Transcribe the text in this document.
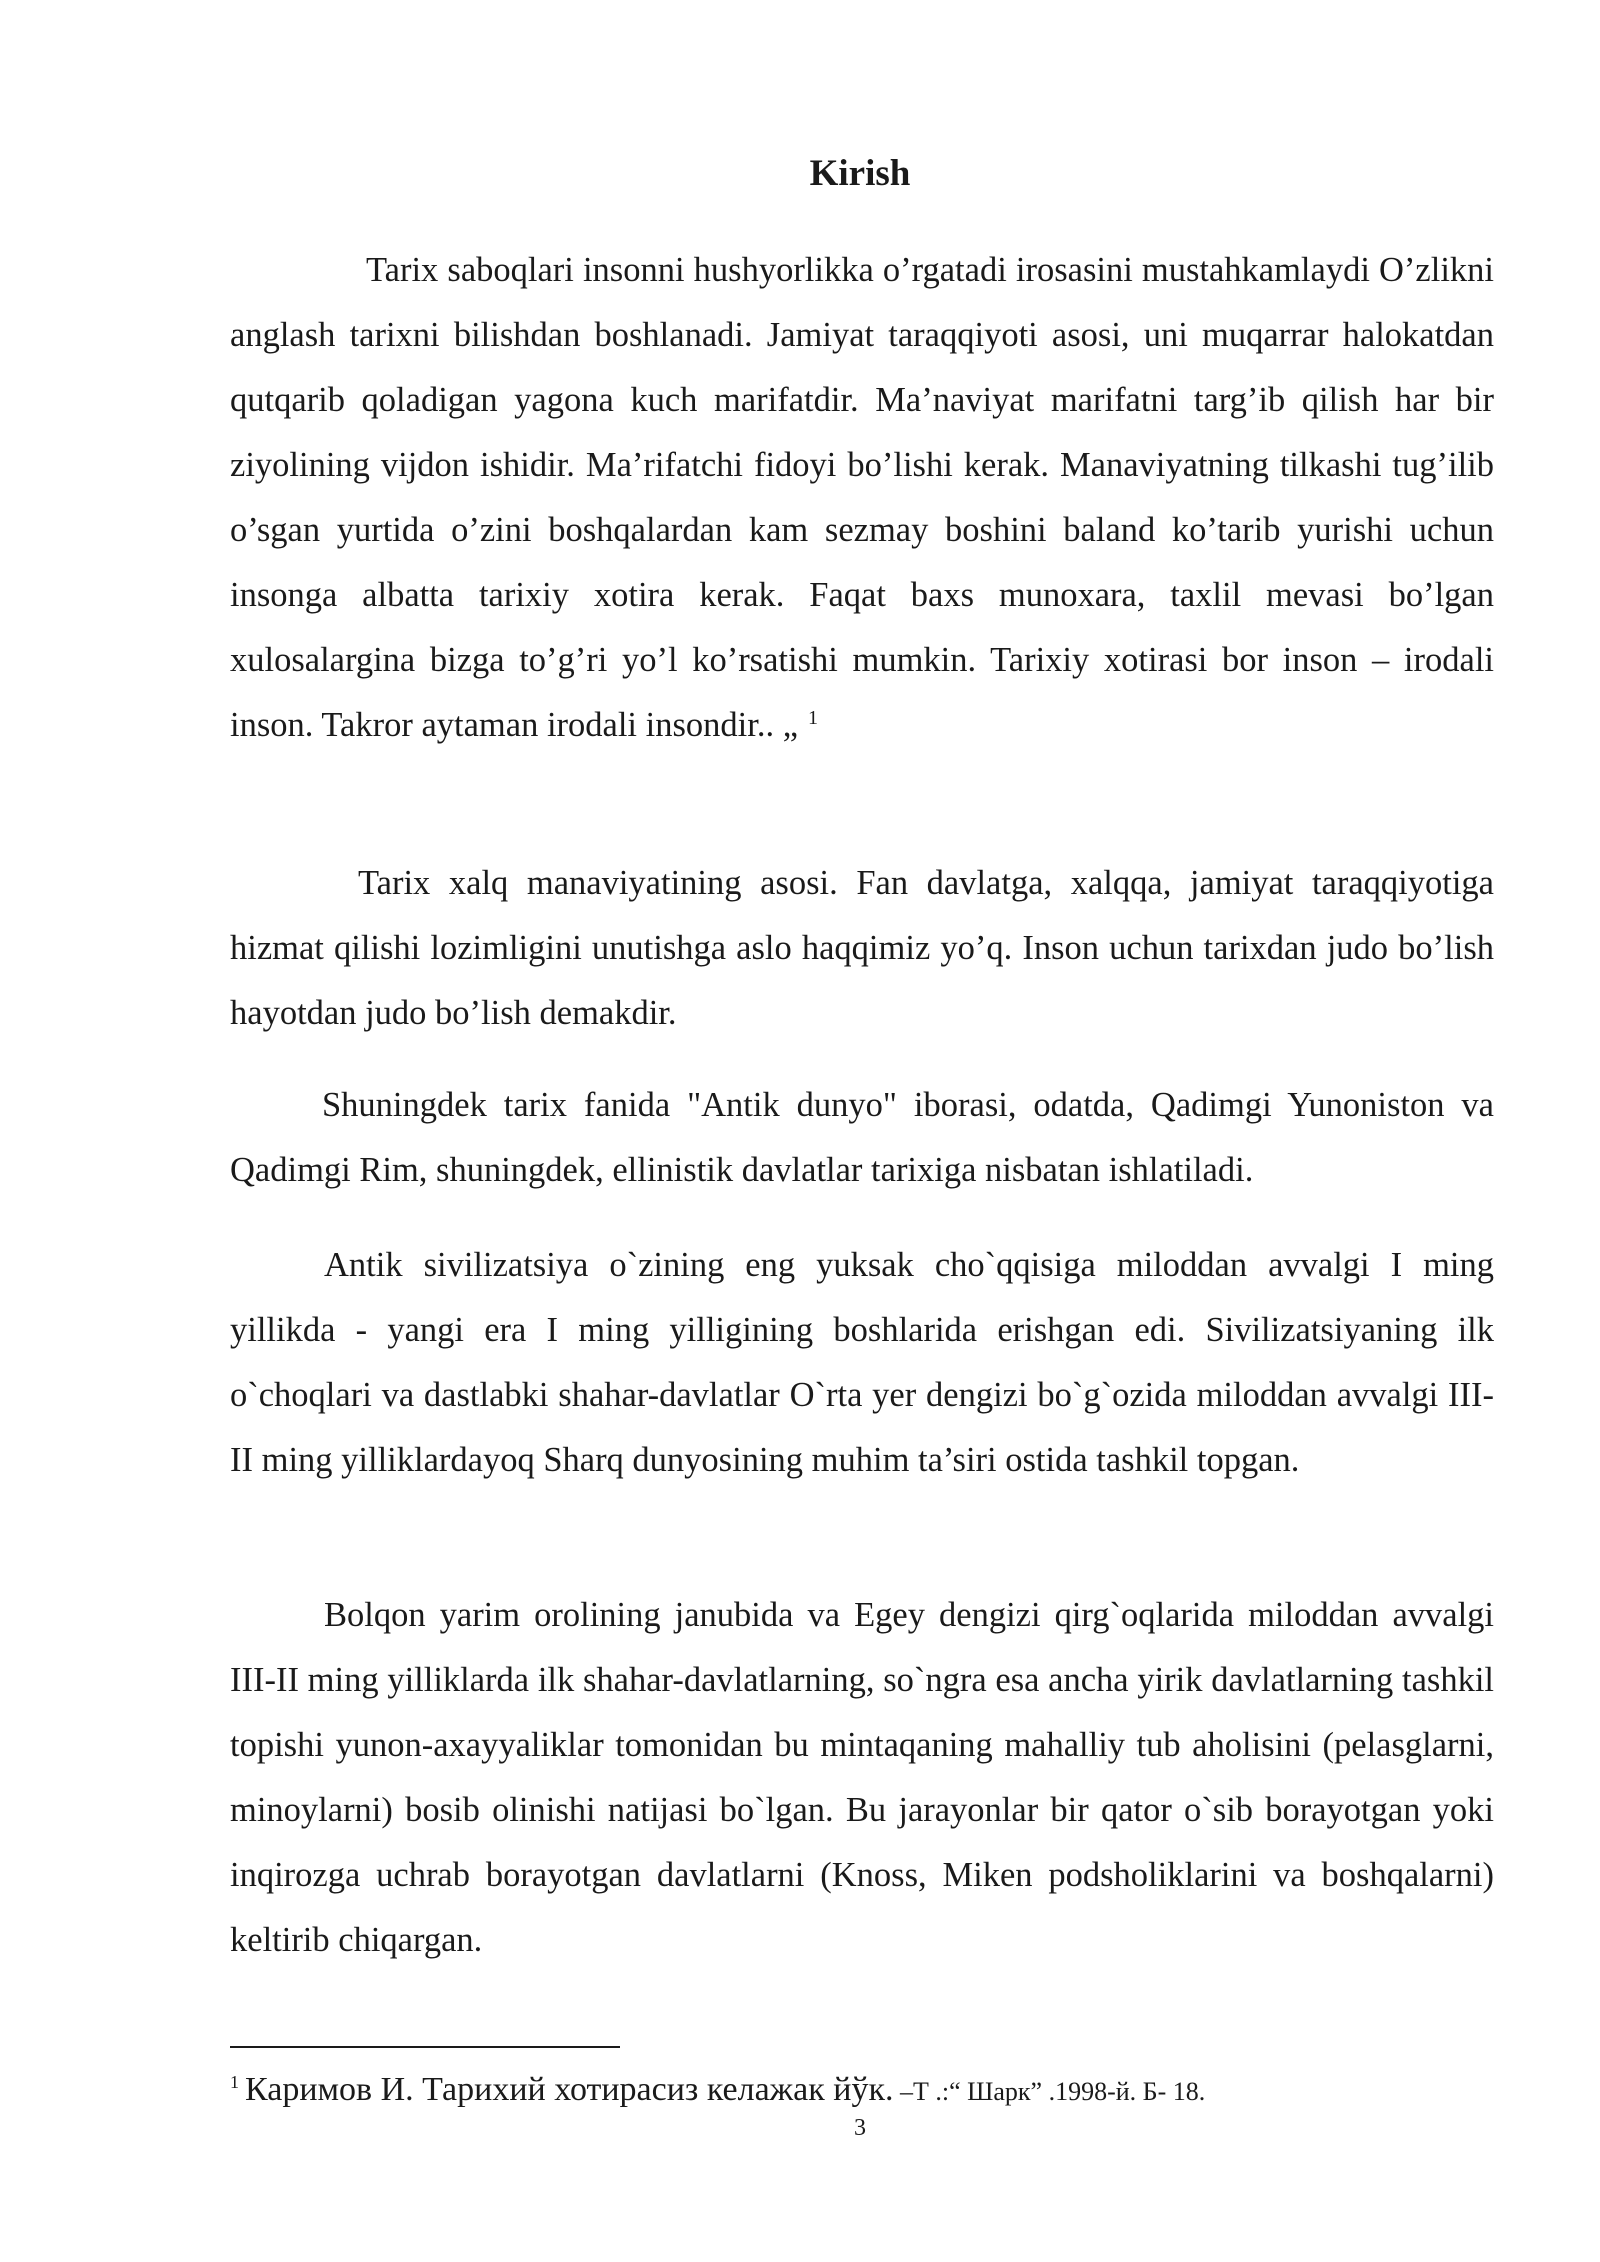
Kirish

Tarix saboqlari insonni hushyorlikka o’rgatadi irosasini mustahkamlaydi O’zlikni anglash tarixni bilishdan boshlanadi. Jamiyat taraqqiyoti asosi, uni muqarrar halokatdan qutqarib qoladigan yagona kuch marifatdir. Ma’naviyat marifatni targ’ib qilish har bir ziyolining vijdon ishidir. Ma’rifatchi fidoyi bo’lishi kerak. Manaviyatning tilkashi tug’ilib o’sgan yurtida o’zini boshqalardan kam sezmay boshini baland ko’tarib yurishi uchun insonga albatta tarixiy xotira kerak. Faqat baxs munoxara, taxlil mevasi bo’lgan xulosalargina bizga to’g’ri yo’l ko’rsatishi mumkin. Tarixiy xotirasi bor inson – irodali inson. Takror aytaman irodali insondir.. „ $^1$

Tarix xalq manaviyatining asosi. Fan davlatga, xalqqa, jamiyat taraqqiyotiga hizmat qilishi lozimligini unutishga aslo haqqimiz yo’q. Inson uchun tarixdan judo bo’lish hayotdan judo bo’lish demakdir.

Shuningdek tarix fanida "Antik dunyo" iborasi, odatda, Qadimgi Yunoniston va Qadimgi Rim, shuningdek, ellinistik davlatlar tarixiga nisbatan ishlatiladi.

Antik sivilizatsiya o`zining eng yuksak cho`qqisiga miloddan avvalgi I ming yillikda - yangi era I ming yilligining boshlarida erishgan edi. Sivilizatsiyaning ilk o`choqlari va dastlabki shahar-davlatlar O`rta yer dengizi bo`g`ozida miloddan avvalgi III-II ming yilliklardayoq Sharq dunyosining muhim ta’siri ostida tashkil topgan.

Bolqon yarim orolining janubida va Egey dengizi qirg`oqlarida miloddan avvalgi III-II ming yilliklarda ilk shahar-davlatlarning, so`ngra esa ancha yirik davlatlarning tashkil topishi yunon-axayyaliklar tomonidan bu mintaqaning mahalliy tub aholisini (pelasglarni, minoylarni) bosib olinishi natijasi bo`lgan. Bu jarayonlar bir qator o`sib borayotgan yoki inqirozga uchrab borayotgan davlatlarni (Knoss, Miken podsholiklarini va boshqalarni) keltirib chiqargan.

$^1$ Каримов И. Тарихий хотирасиз келажак йўк. –Т .:“ Шарк” .1998-й. Б- 18.
3
